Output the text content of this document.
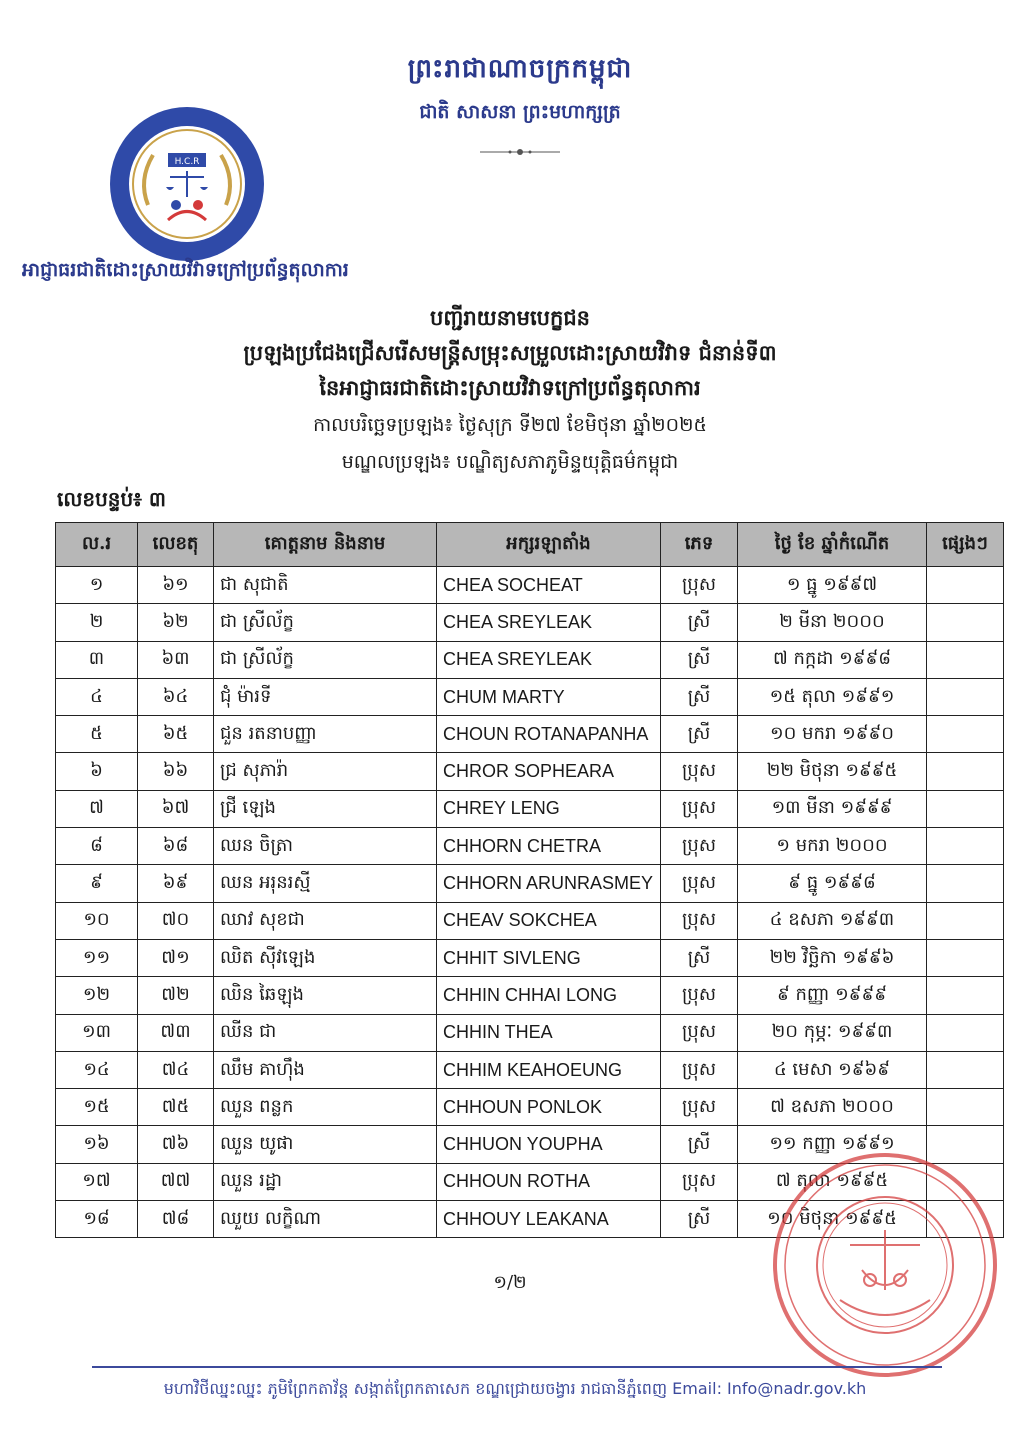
ព្រះរាជាណាចក្រកម្ពុជា
ជាតិ សាសនា ព្រះមហាក្សត្រ
H.C.R
អាជ្ញាធរជាតិដោះស្រាយវិវាទក្រៅប្រព័ន្ធតុលាការ
បញ្ជីរាយនាមបេក្ខជន
ប្រឡងប្រជែងជ្រើសរើសមន្ត្រីសម្រុះសម្រួលដោះស្រាយវិវាទ ជំនាន់ទី៣
នៃអាជ្ញាធរជាតិដោះស្រាយវិវាទក្រៅប្រព័ន្ធតុលាការ
កាលបរិច្ឆេទប្រឡង៖ ថ្ងៃសុក្រ ទី២៧ ខែមិថុនា ឆ្នាំ២០២៥
មណ្ឌលប្រឡង៖ បណ្ឌិត្យសភាភូមិន្ទយុត្តិធម៌កម្ពុជា
លេខបន្ទប់៖ ៣
ល.រ	លេខតុ	គោត្តនាម និងនាម	អក្សរឡាតាំង	ភេទ	ថ្ងៃ ខែ ឆ្នាំកំណើត	ផ្សេងៗ
១	៦១	ជា សុជាតិ	CHEA SOCHEAT	ប្រុស	១ ធ្នូ ១៩៩៧	
២	៦២	ជា ស្រីល័ក្ខ	CHEA SREYLEAK	ស្រី	២ មីនា ២០០០	
៣	៦៣	ជា ស្រីល័ក្ខ	CHEA SREYLEAK	ស្រី	៧ កក្កដា ១៩៩៨	
៤	៦៤	ជុំ ម៉ារទី	CHUM MARTY	ស្រី	១៥ តុលា ១៩៩១	
៥	៦៥	ជួន រតនាបញ្ញា	CHOUN ROTANAPANHA	ស្រី	១០ មករា ១៩៩០	
៦	៦៦	ជ្រ សុភារ៉ា	CHROR SOPHEARA	ប្រុស	២២ មិថុនា ១៩៩៥	
៧	៦៧	ជ្រី ឡេង	CHREY LENG	ប្រុស	១៣ មីនា ១៩៩៩	
៨	៦៨	ឈន ចិត្រា	CHHORN CHETRA	ប្រុស	១ មករា ២០០០	
៩	៦៩	ឈន អរុនរស្មី	CHHORN ARUNRASMEY	ប្រុស	៩ ធ្នូ ១៩៩៨	
១០	៧០	ឈាវ សុខជា	CHEAV SOKCHEA	ប្រុស	៤ ឧសភា ១៩៩៣	
១១	៧១	ឈិត ស៊ីវឡេង	CHHIT SIVLENG	ស្រី	២២ វិច្ឆិកា ១៩៩៦	
១២	៧២	ឈិន ឆៃឡុង	CHHIN CHHAI LONG	ប្រុស	៩ កញ្ញា ១៩៩៩	
១៣	៧៣	ឈីន ជា	CHHIN THEA	ប្រុស	២០ កុម្ភៈ ១៩៩៣	
១៤	៧៤	ឈឹម គាហ៊ឹង	CHHIM KEAHOEUNG	ប្រុស	៤ មេសា ១៩៦៩	
១៥	៧៥	ឈួន ពន្លក	CHHOUN PONLOK	ប្រុស	៧ ឧសភា ២០០០	
១៦	៧៦	ឈួន យូផា	CHHUON YOUPHA	ស្រី	១១ កញ្ញា ១៩៩១	
១៧	៧៧	ឈួន រដ្ឋា	CHHOUN ROTHA	ប្រុស	៧ តុលា ១៩៩៥	
១៨	៧៨	ឈួយ លក្ខិណា	CHHOUY LEAKANA	ស្រី	១០ មិថុនា ១៩៩៥	
១/២
មហាវិថីឈ្នះឈ្នះ ភូមិព្រែកតាវ័ន្ត សង្កាត់ព្រែកតាសេក ខណ្ឌជ្រោយចង្វារ រាជធានីភ្នំពេញ Email: Info@nadr.gov.kh
